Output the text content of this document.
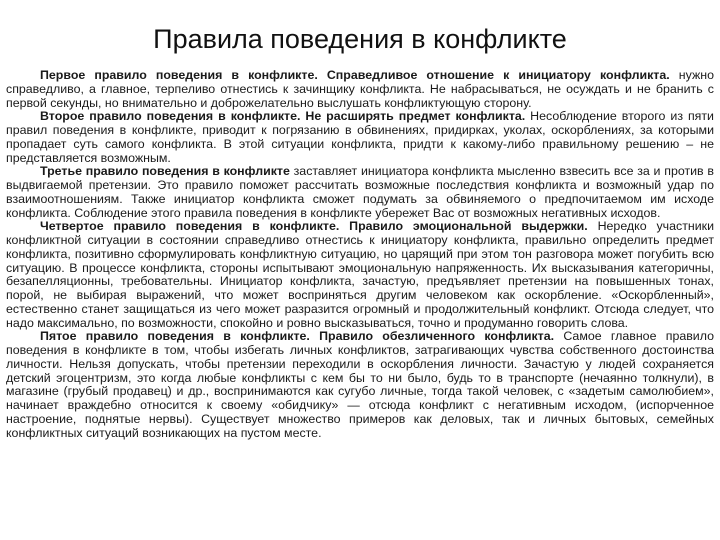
Правила поведения в конфликте

Первое правило поведения в конфликте. Справедливое отношение к инициатору конфликта. нужно справедливо, а главное, терпеливо отнестись к зачинщику конфликта. Не набрасываться, не осуждать и не бранить с первой секунды, но внимательно и доброжелательно выслушать конфликтующую сторону.

Второе правило поведения в конфликте. Не расширять предмет конфликта. Несоблюдение второго из пяти правил поведения в конфликте, приводит к погрязанию в обвинениях, придирках, уколах, оскорблениях, за которыми пропадает суть самого конфликта. В этой ситуации конфликта, придти к какому-либо правильному решению – не представляется возможным.

Третье правило поведения в конфликте заставляет инициатора конфликта мысленно взвесить все за и против в выдвигаемой претензии. Это правило поможет рассчитать возможные последствия конфликта и возможный удар по взаимоотношениям. Также инициатор конфликта сможет подумать за обвиняемого о предпочитаемом им исходе конфликта. Соблюдение этого правила поведения в конфликте убережет Вас от возможных негативных исходов.

Четвертое правило поведения в конфликте. Правило эмоциональной выдержки. Нередко участники конфликтной ситуации в состоянии справедливо отнестись к инициатору конфликта, правильно определить предмет конфликта, позитивно сформулировать конфликтную ситуацию, но царящий при этом тон разговора может погубить всю ситуацию. В процессе конфликта, стороны испытывают эмоциональную напряженность. Их высказывания категоричны, безапелляционны, требовательны. Инициатор конфликта, зачастую, предъявляет претензии на повышенных тонах, порой, не выбирая выражений, что может восприняться другим человеком как оскорбление. «Оскорбленный», естественно станет защищаться из чего может разразится огромный и продолжительный конфликт. Отсюда следует, что надо максимально, по возможности, спокойно и ровно высказываться, точно и продуманно говорить слова.

Пятое правило поведения в конфликте. Правило обезличенного конфликта. Самое главное правило поведения в конфликте в том, чтобы избегать личных конфликтов, затрагивающих чувства собственного достоинства личности. Нельзя допускать, чтобы претензии переходили в оскорбления личности. Зачастую у людей сохраняется детский эгоцентризм, это когда любые конфликты с кем бы то ни было, будь то в транспорте (нечаянно толкнули), в магазине (грубый продавец) и др., воспринимаются как сугубо личные, тогда такой человек, с «задетым самолюбием», начинает враждебно относится к своему «обидчику» — отсюда конфликт с негативным исходом, (испорченное настроение, поднятые нервы). Существует множество примеров как деловых, так и личных бытовых, семейных конфликтных ситуаций возникающих на пустом месте.
